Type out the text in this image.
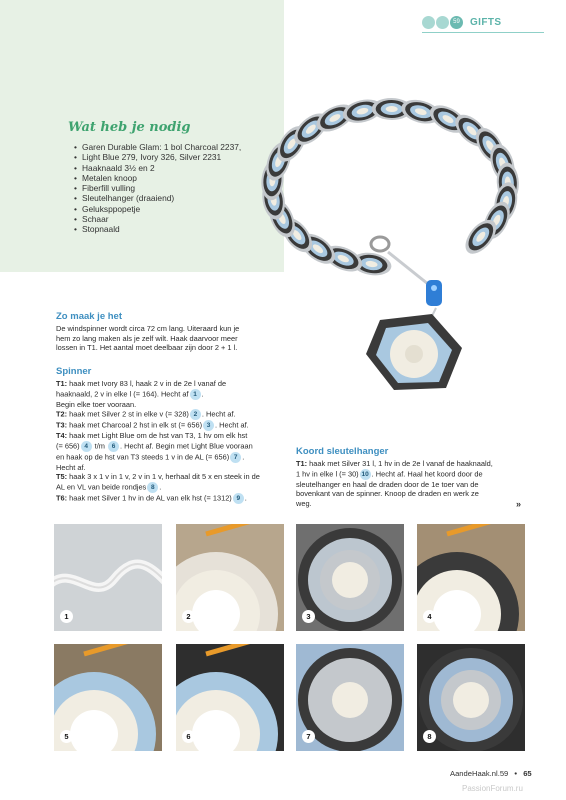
59	GIFTS
Wat heb je nodig
• Garen Durable Glam: 1 bol Charcoal 2237,
• Light Blue 279, Ivory 326, Silver 2231
• Haaknaald 3½ en 2
• Metalen knoop
• Fiberfill vulling
• Sleutelhanger (draaiend)
• Geluksppopetje
• Schaar
• Stopnaald
Zo maak je het

De windspinner wordt circa 72 cm lang. Uiteraard kun je

hem zo lang maken als je zelf wilt. Haak daarvoor meer

lossen in T1. Het aantal moet deelbaar zijn door 2 + 1 l.

Spinner

T1: haak met Ivory 83 l, haak 2 v in de 2e l vanaf de

haaknaald, 2 v in elke l (= 164). Hecht af 1 .

Begin elke toer vooraan.

T2: haak met Silver 2 st in elke v (= 328) 2 . Hecht af.

T3: haak met Charcoal 2 hst in elk st (= 656) 3 . Hecht af.

T4: haak met Light Blue om de hst van T3, 1 hv om elk hst

(= 656) 4 t/m 6 . Hecht af. Begin met Light Blue vooraan

en haak op de hst van T3 steeds 1 v in de AL (= 656) 7 .

Hecht af.

T5: haak 3 x 1 v in 1 v, 2 v in 1 v, herhaal dit 5 x en steek in de

AL en VL van beide rondjes 8 .

T6: haak met Silver 1 hv in de AL van elk hst (= 1312) 9 .

Koord sleutelhanger

T1: haak met Silver 31 l, 1 hv in de 2e l vanaf de haaknaald,

1 hv in elke l (= 30) 10 . Hecht af. Haal het koord door de

sleutelhanger en haal de draden door de 1e toer van de

bovenkant van de spinner. Knoop de draden en werk ze

weg.	»
1	2	3	4
5	6	7	8
AandeHaak.nl.59 • 65
PassionForum.ru
